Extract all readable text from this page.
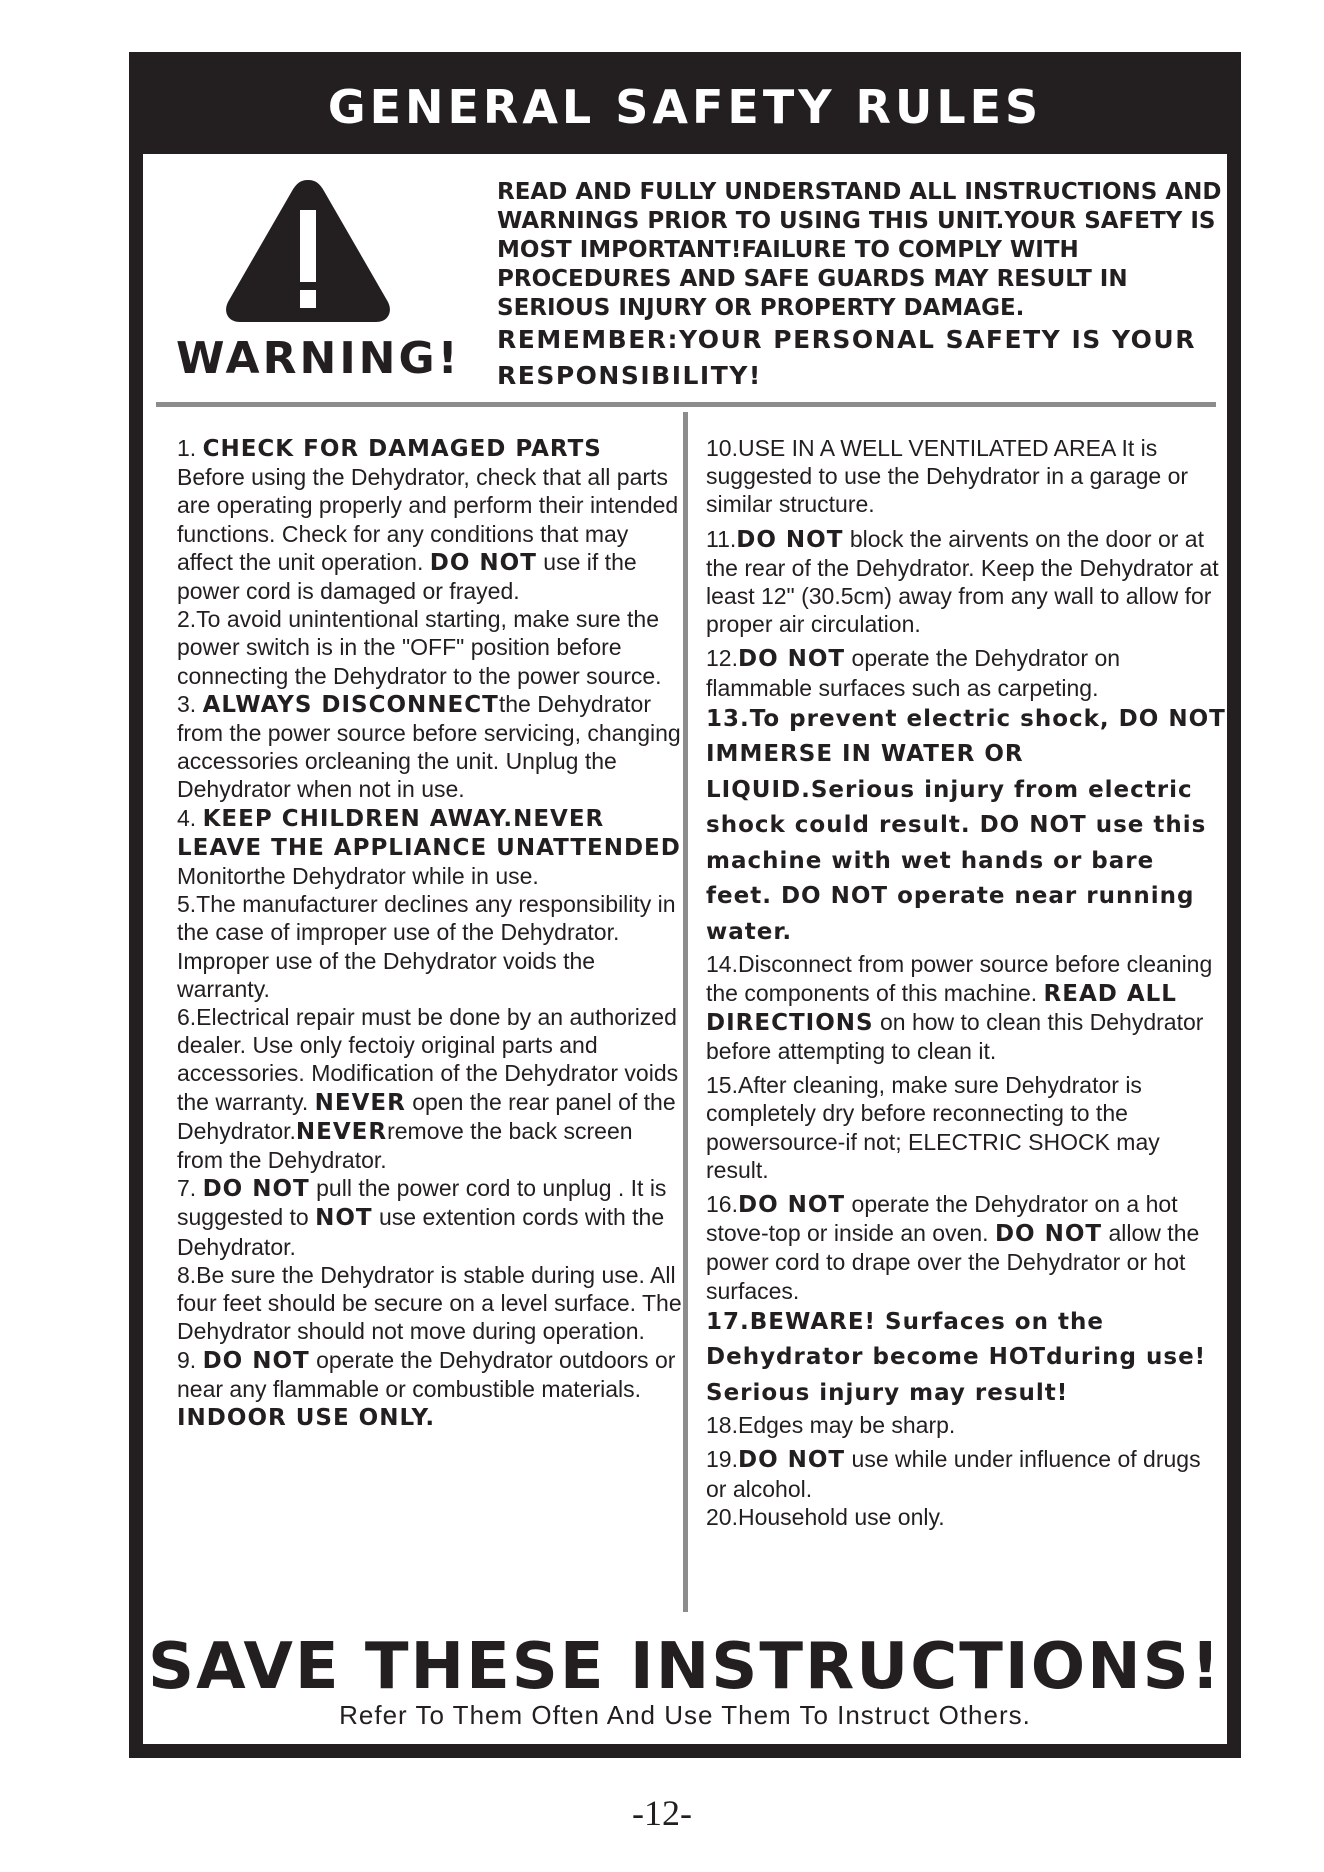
GENERAL SAFETY RULES

WARNING!

READ AND FULLY UNDERSTAND ALL INSTRUCTIONS AND WARNINGS PRIOR TO USING THIS UNIT.YOUR SAFETY IS MOST IMPORTANT!FAILURE TO COMPLY WITH PROCEDURES AND SAFE GUARDS MAY RESULT IN SERIOUS INJURY OR PROPERTY DAMAGE.

REMEMBER:YOUR PERSONAL SAFETY IS YOUR RESPONSIBILITY!

1. CHECK FOR DAMAGED PARTS
Before using the Dehydrator, check that all parts are operating properly and perform their intended functions. Check for any conditions that may affect the unit operation. DO NOT use if the power cord is damaged or frayed.

2.To avoid unintentional starting, make sure the power switch is in the "OFF" position before connecting the Dehydrator to the power source.

3. ALWAYS DISCONNECTthe Dehydrator from the power source before servicing, changing accessories orcleaning the unit. Unplug the Dehydrator when not in use.

4. KEEP CHILDREN AWAY.NEVER LEAVE THE APPLIANCE UNATTENDED Monitorthe Dehydrator while in use.

5.The manufacturer declines any responsibility in the case of improper use of the Dehydrator. Improper use of the Dehydrator voids the warranty.

6.Electrical repair must be done by an authorized dealer. Use only fectoiy original parts and accessories. Modification of the Dehydrator voids the warranty. NEVER open the rear panel of the Dehydrator.NEVERremove the back screen from the Dehydrator.

7. DO NOT pull the power cord to unplug . It is suggested to NOT use extention cords with the Dehydrator.

8.Be sure the Dehydrator is stable during use. All four feet should be secure on a level surface. The Dehydrator should not move during operation.

9. DO NOT operate the Dehydrator outdoors or near any flammable or combustible materials.
INDOOR USE ONLY.

10.USE IN A WELL VENTILATED AREA It is suggested to use the Dehydrator in a garage or similar structure.

11.DO NOT block the airvents on the door or at the rear of the Dehydrator. Keep the Dehydrator at least 12" (30.5cm) away from any wall to allow for proper air circulation.

12.DO NOT operate the Dehydrator on flammable surfaces such as carpeting.

13.To prevent electric shock, DO NOT IMMERSE IN WATER OR LIQUID.Serious injury from electric shock could result. DO NOT use this machine with wet hands or bare feet. DO NOT operate near running water.

14.Disconnect from power source before cleaning the components of this machine. READ ALL DIRECTIONS on how to clean this Dehydrator before attempting to clean it.

15.After cleaning, make sure Dehydrator is completely dry before reconnecting to the powersource-if not; ELECTRIC SHOCK may result.

16.DO NOT operate the Dehydrator on a hot stove-top or inside an oven. DO NOT allow the power cord to drape over the Dehydrator or hot surfaces.

17.BEWARE! Surfaces on the Dehydrator become HOTduring use! Serious injury may result!

18.Edges may be sharp.

19.DO NOT use while under influence of drugs or alcohol.

20.Household use only.

SAVE THESE INSTRUCTIONS!

Refer To Them Often And Use Them To Instruct Others.

-12-
